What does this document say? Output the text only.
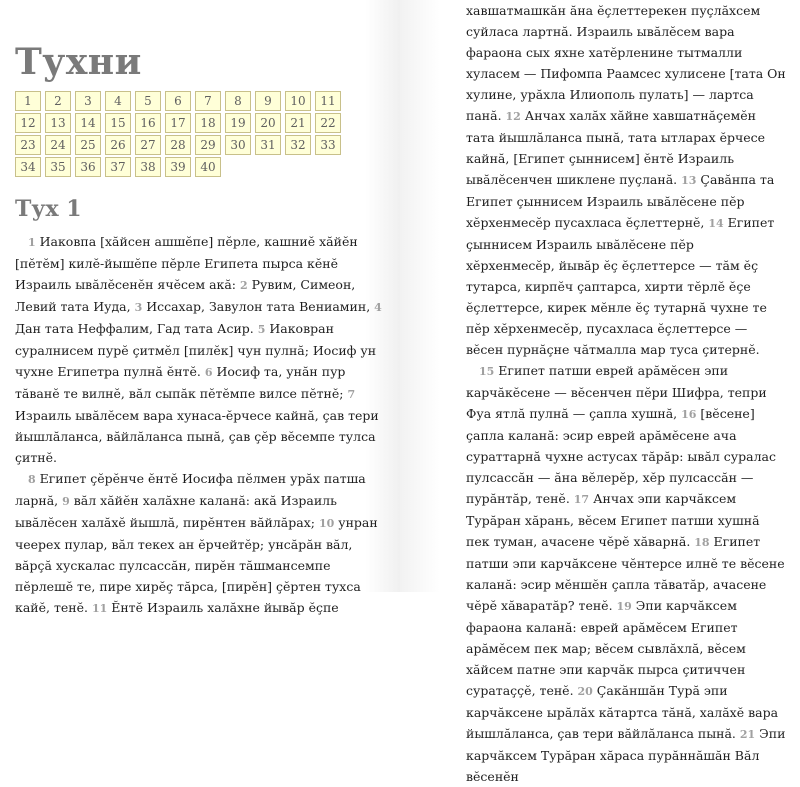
Тухни
1	2	3	4	5	6	7	8	9	10	11
12	13	14	15	16	17	18	19	20	21	22
23	24	25	26	27	28	29	30	31	32	33
34	35	36	37	38	39	40
Тух 1

1 Иаковпа [хăйсен ашшĕпе] пĕрле, кашниĕ хăйĕн [пĕтĕм] килĕ-йышĕпе пĕрле Египета пырса кĕнĕ Израиль ывăлĕсенĕн ячĕсем акă: 2 Рувим, Симеон, Левий тата Иуда, 3 Иссахар, Завулон тата Вениамин, 4 Дан тата Неффалим, Гад тата Асир. 5 Иаковран суралнисем пурĕ çитмĕл [пилĕк] чун пулнă; Иосиф ун чухне Египетра пулнă ĕнтĕ. 6 Иосиф та, унăн пур тăванĕ те вилнĕ, вăл сыпăк пĕтĕмпе вилсе пĕтнĕ; 7 Израиль ывăлĕсем вара хунаса-ĕрчесе кайнă, çав тери йышлăланса, вăйлăланса пынă, çав çĕр вĕсемпе тулса çитнĕ.

8 Египет çĕрĕнче ĕнтĕ Иосифа пĕлмен урăх патша ларнă, 9 вăл хăйĕн халăхне каланă: акă Израиль ывăлĕсен халăхĕ йышлă, пирĕнтен вăйлăрах; 10 унран чеерех пулар, вăл текех ан ĕрчейтĕр; унсăрăн вăл, вăрçă хускалас пулсассăн, пирĕн тăшмансемпе пĕрлешĕ те, пире хирĕç тăрса, [пирĕн] çĕртен тухса кайĕ, тенĕ. 11 Ĕнтĕ Израиль халăхне йывăр ĕçпе

хавшатмашкăн ăна ĕçлеттерекен пуçлăхсем суйласа лартнă. Израиль ывăлĕсем вара фараона сых яхне хатĕрленине тытмалли хуласем — Пифомпа Раамсес хулисене [тата Он хулине, урăхла Илиополь пулать] — лартса панă. 12 Анчах халăх хăйне хавшатнăçемĕн тата йышлăланса пынă, тата ытларах ĕрчесе кайнă, [Египет çыннисем] ĕнтĕ Израиль ывăлĕсенчен шиклене пуçланă. 13 Çавăнпа та Египет çыннисем Израиль ывăлĕсене пĕр хĕрхенмесĕр пусахласа ĕçлеттернĕ, 14 Египет çыннисем Израиль ывăлĕсене пĕр хĕрхенмесĕр, йывăр ĕç ĕçлеттерсе — тăм ĕç тутарса, кирпĕч çаптарса, хирти тĕрлĕ ĕçе ĕçлеттерсе, кирек мĕнле ĕç тутарнă чухне те пĕр хĕрхенмесĕр, пусахласа ĕçлеттерсе — вĕсен пурнăçне чăтмалла мар туса çитернĕ.

15 Египет патши еврей арăмĕсен эпи карчăкĕсене — вĕсенчен пĕри Шифра, тепри Фуа ятлă пулнă — çапла хушнă, 16 [вĕсене] çапла каланă: эсир еврей арăмĕсене ача сураттарнă чухне астусах тăрăр: ывăл суралас пулсассăн — ăна вĕлерĕр, хĕр пулсассăн — пурăнтăр, тенĕ. 17 Анчах эпи карчăксем Турăран хăрань, вĕсем Египет патши хушнă пек туман, ачасене чĕрĕ хăварнă. 18 Египет патши эпи карчăксене чĕнтерсе илнĕ те вĕсене каланă: эсир мĕншĕн çапла тăватăр, ачасене чĕрĕ хăваратăр? тенĕ. 19 Эпи карчăксем фараона каланă: еврей арăмĕсем Египет арăмĕсем пек мар; вĕсем сывлăхлă, вĕсем хăйсем патне эпи карчăк пырса çитиччен суратаççĕ, тенĕ. 20 Çакăншăн Турă эпи карчăксене ырăлăх кăтартса тăнă, халăхĕ вара йышлăланса, çав тери вăйлăланса пынă. 21 Эпи карчăксем Турăран хăраса пурăннăшăн Вăл вĕсенĕн
